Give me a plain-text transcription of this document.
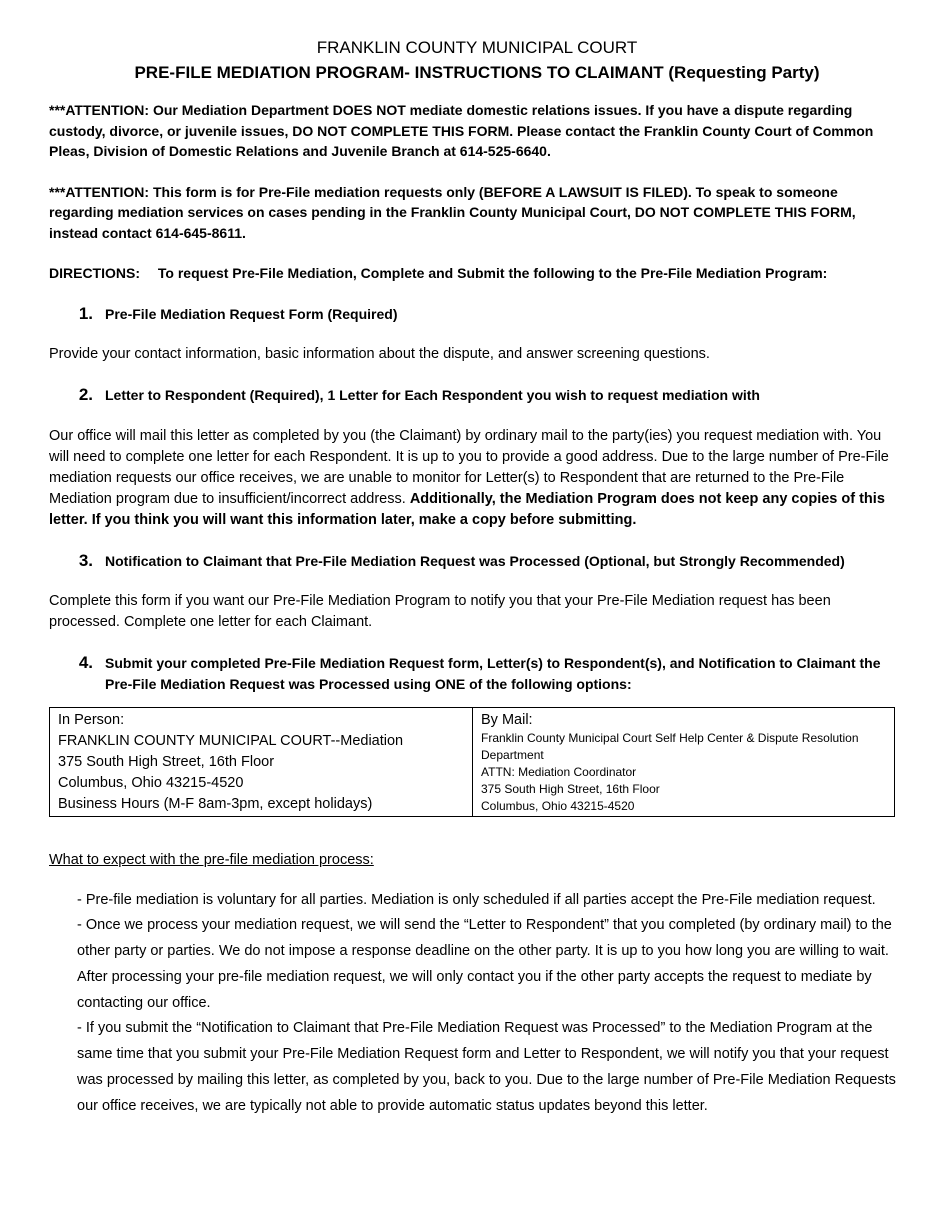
FRANKLIN COUNTY MUNICIPAL COURT

PRE-FILE MEDIATION PROGRAM- INSTRUCTIONS TO CLAIMANT (Requesting Party)

***ATTENTION: Our Mediation Department DOES NOT mediate domestic relations issues. If you have a dispute regarding custody, divorce, or juvenile issues, DO NOT COMPLETE THIS FORM. Please contact the Franklin County Court of Common Pleas, Division of Domestic Relations and Juvenile Branch at 614-525-6640.

***ATTENTION: This form is for Pre-File mediation requests only (BEFORE A LAWSUIT IS FILED). To speak to someone regarding mediation services on cases pending in the Franklin County Municipal Court, DO NOT COMPLETE THIS FORM, instead contact 614-645-8611.

DIRECTIONS: To request Pre-File Mediation, Complete and Submit the following to the Pre-File Mediation Program:

1. Pre-File Mediation Request Form (Required)

Provide your contact information, basic information about the dispute, and answer screening questions.

2. Letter to Respondent (Required), 1 Letter for Each Respondent you wish to request mediation with

Our office will mail this letter as completed by you (the Claimant) by ordinary mail to the party(ies) you request mediation with. You will need to complete one letter for each Respondent. It is up to you to provide a good address. Due to the large number of Pre-File mediation requests our office receives, we are unable to monitor for Letter(s) to Respondent that are returned to the Pre-File Mediation program due to insufficient/incorrect address. Additionally, the Mediation Program does not keep any copies of this letter. If you think you will want this information later, make a copy before submitting.

3. Notification to Claimant that Pre-File Mediation Request was Processed (Optional, but Strongly Recommended)

Complete this form if you want our Pre-File Mediation Program to notify you that your Pre-File Mediation request has been processed. Complete one letter for each Claimant.

4. Submit your completed Pre-File Mediation Request form, Letter(s) to Respondent(s), and Notification to Claimant the Pre-File Mediation Request was Processed using ONE of the following options:
In Person:
FRANKLIN COUNTY MUNICIPAL COURT--Mediation
375 South High Street, 16th Floor
Columbus, Ohio 43215-4520
Business Hours (M-F 8am-3pm, except holidays)

By Mail:
Franklin County Municipal Court Self Help Center & Dispute Resolution Department
ATTN: Mediation Coordinator
375 South High Street, 16th Floor
Columbus, Ohio 43215-4520

What to expect with the pre-file mediation process:

- Pre-file mediation is voluntary for all parties. Mediation is only scheduled if all parties accept the Pre-File mediation request.

- Once we process your mediation request, we will send the “Letter to Respondent” that you completed (by ordinary mail) to the other party or parties. We do not impose a response deadline on the other party. It is up to you how long you are willing to wait. After processing your pre-file mediation request, we will only contact you if the other party accepts the request to mediate by contacting our office.

- If you submit the “Notification to Claimant that Pre-File Mediation Request was Processed” to the Mediation Program at the same time that you submit your Pre-File Mediation Request form and Letter to Respondent, we will notify you that your request was processed by mailing this letter, as completed by you, back to you. Due to the large number of Pre-File Mediation Requests our office receives, we are typically not able to provide automatic status updates beyond this letter.
